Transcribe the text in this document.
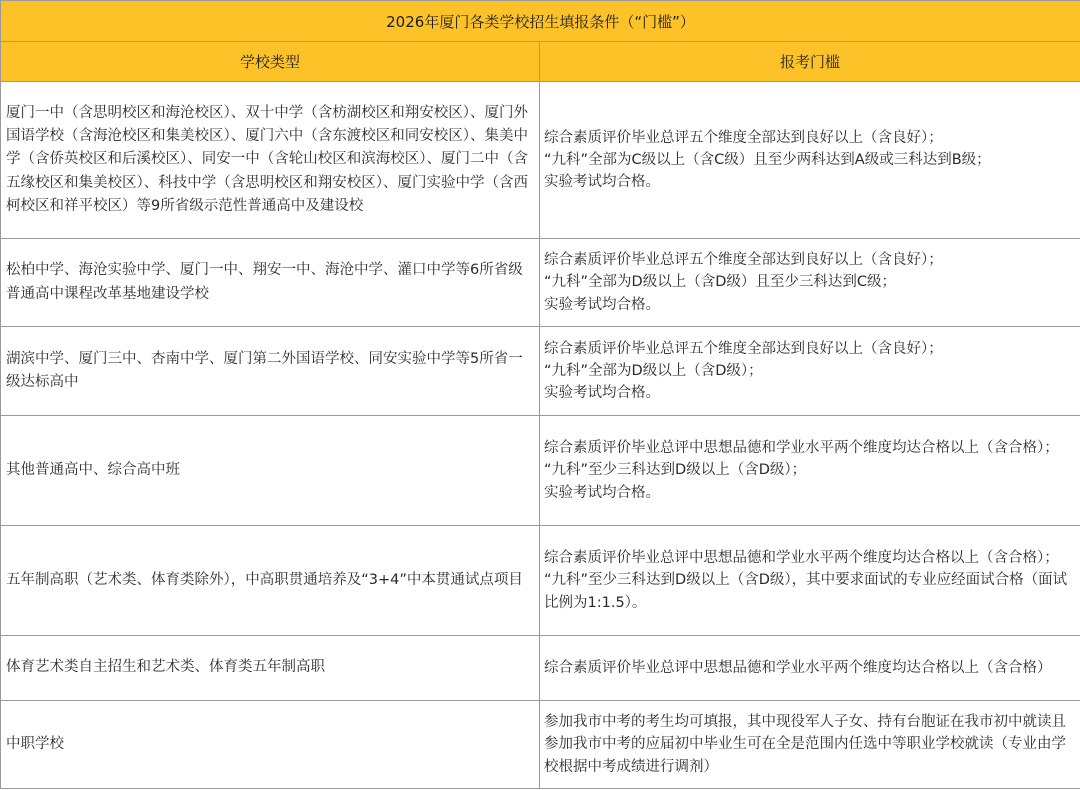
2026年厦门各类学校招生填报条件（“门槛”）	
学校类型	报考门槛
厦门一中（含思明校区和海沧校区）、双十中学（含枋湖校区和翔安校区）、厦门外国语学校（含海沧校区和集美校区）、厦门六中（含东渡校区和同安校区）、集美中学（含侨英校区和后溪校区）、同安一中（含轮山校区和滨海校区）、厦门二中（含五缘校区和集美校区）、科技中学（含思明校区和翔安校区）、厦门实验中学（含西柯校区和祥平校区）等9所省级示范性普通高中及建设校	综合素质评价毕业总评五个维度全部达到良好以上（含良好）；
“九科”全部为C级以上（含C级）且至少两科达到A级或三科达到B级；
实验考试均合格。

松柏中学、海沧实验中学、厦门一中、翔安一中、海沧中学、灌口中学等6所省级普通高中课程改革基地建设学校	综合素质评价毕业总评五个维度全部达到良好以上（含良好）；
“九科”全部为D级以上（含D级）且至少三科达到C级；
实验考试均合格。

湖滨中学、厦门三中、杏南中学、厦门第二外国语学校、同安实验中学等5所省一级达标高中	综合素质评价毕业总评五个维度全部达到良好以上（含良好）；
“九科”全部为D级以上（含D级）；
实验考试均合格。

其他普通高中、综合高中班	综合素质评价毕业总评中思想品德和学业水平两个维度均达合格以上（含合格）；
“九科”至少三科达到D级以上（含D级）；
实验考试均合格。

五年制高职（艺术类、体育类除外），中高职贯通培养及“3+4”中本贯通试点项目	综合素质评价毕业总评中思想品德和学业水平两个维度均达合格以上（含合格）；
“九科”至少三科达到D级以上（含D级），其中要求面试的专业应经面试合格（面试比例为1:1.5）。

体育艺术类自主招生和艺术类、体育类五年制高职	综合素质评价毕业总评中思想品德和学业水平两个维度均达合格以上（含合格）

中职学校	参加我市中考的考生均可填报，其中现役军人子女、持有台胞证在我市初中就读且参加我市中考的应届初中毕业生可在全是范围内任选中等职业学校就读（专业由学校根据中考成绩进行调剂）
